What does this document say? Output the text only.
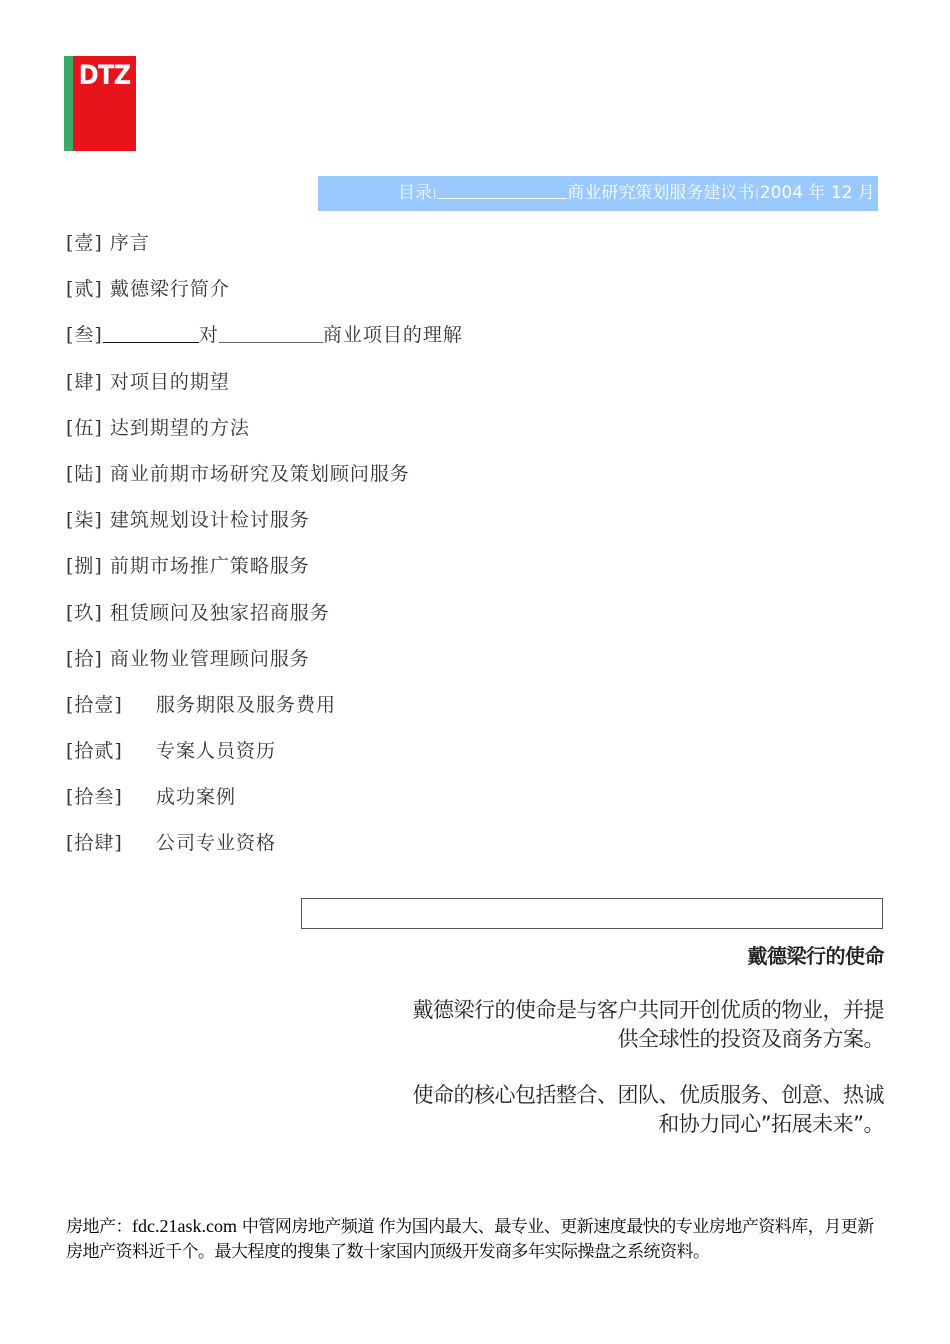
DTZ
目录|	商业研究策划服务建议书|2004 年 12 月
[壹] 序言
[贰] 戴德梁行简介
[叁]	对	商业项目的理解
[肆] 对项目的期望
[伍] 达到期望的方法
[陆] 商业前期市场研究及策划顾问服务
[柒] 建筑规划设计检讨服务
[捌] 前期市场推广策略服务
[玖] 租赁顾问及独家招商服务
[拾] 商业物业管理顾问服务
[拾壹] 服务期限及服务费用
[拾贰] 专案人员资历
[拾叁] 成功案例
[拾肆] 公司专业资格
戴德梁行的使命
戴德梁行的使命是与客户共同开创优质的物业，并提
供全球性的投资及商务方案。
使命的核心包括整合、团队、优质服务、创意、热诚
和协力同心”拓展未来”。
房地产：fdc.21ask.com 中管网房地产频道 作为国内最大、最专业、更新速度最快的专业房地产资料库，月更新房地产资料近千个。最大程度的搜集了数十家国内顶级开发商多年实际操盘之系统资料。
